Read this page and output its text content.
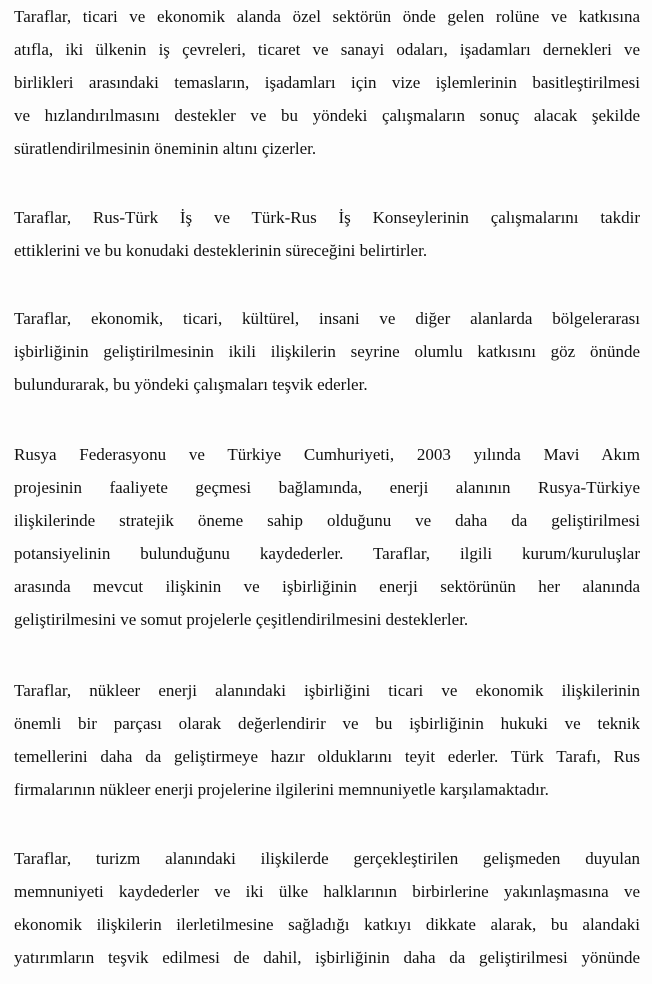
Taraflar, ticari ve ekonomik alanda özel sektörün önde gelen rolüne ve katkısına
atıfla, iki ülkenin iş çevreleri, ticaret ve sanayi odaları, işadamları dernekleri ve
birlikleri arasındaki temasların, işadamları için vize işlemlerinin basitleştirilmesi
ve hızlandırılmasını destekler ve bu yöndeki çalışmaların sonuç alacak şekilde
süratlendirilmesinin öneminin altını çizerler.

Taraflar, Rus-Türk İş ve Türk-Rus İş Konseylerinin çalışmalarını takdir
ettiklerini ve bu konudaki desteklerinin süreceğini belirtirler.

Taraflar, ekonomik, ticari, kültürel, insani ve diğer alanlarda bölgelerarası
işbirliğinin geliştirilmesinin ikili ilişkilerin seyrine olumlu katkısını göz önünde
bulundurarak, bu yöndeki çalışmaları teşvik ederler.

Rusya Federasyonu ve Türkiye Cumhuriyeti, 2003 yılında Mavi Akım
projesinin faaliyete geçmesi bağlamında, enerji alanının Rusya-Türkiye
ilişkilerinde stratejik öneme sahip olduğunu ve daha da geliştirilmesi
potansiyelinin bulunduğunu kaydederler. Taraflar, ilgili kurum/kuruluşlar
arasında mevcut ilişkinin ve işbirliğinin enerji sektörünün her alanında
geliştirilmesini ve somut projelerle çeşitlendirilmesini desteklerler.

Taraflar, nükleer enerji alanındaki işbirliğini ticari ve ekonomik ilişkilerinin
önemli bir parçası olarak değerlendirir ve bu işbirliğinin hukuki ve teknik
temellerini daha da geliştirmeye hazır olduklarını teyit ederler. Türk Tarafı, Rus
firmalarının nükleer enerji projelerine ilgilerini memnuniyetle karşılamaktadır.

Taraflar, turizm alanındaki ilişkilerde gerçekleştirilen gelişmeden duyulan
memnuniyeti kaydederler ve iki ülke halklarının birbirlerine yakınlaşmasına ve
ekonomik ilişkilerin ilerletilmesine sağladığı katkıyı dikkate alarak, bu alandaki
yatırımların teşvik edilmesi de dahil, işbirliğinin daha da geliştirilmesi yönünde
